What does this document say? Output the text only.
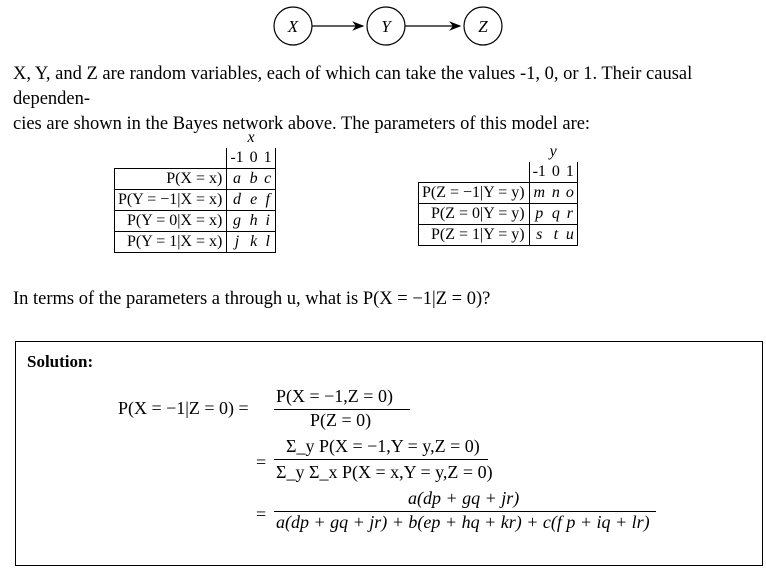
X	Y	Z
X, Y, and Z are random variables, each of which can take the values -1, 0, or 1. Their causal dependen-
cies are shown in the Bayes network above. The parameters of this model are:
	x		
	-1	0	1
P(X = x)	a	b	c
P(Y = −1|X = x)	d	e	f
P(Y = 0|X = x)	g	h	i
P(Y = 1|X = x)	j	k	l
	y		
	-1	0	1
P(Z = −1|Y = y)	m	n	o
P(Z = 0|Y = y)	p	q	r
P(Z = 1|Y = y)	s	t	u
In terms of the parameters a through u, what is P(X = −1|Z = 0)?
Solution:
P(X = −1|Z = 0) =
P(X = −1,Z = 0)
P(Z = 0)
=
Σ_y P(X = −1,Y = y,Z = 0)
Σ_y Σ_x P(X = x,Y = y,Z = 0)
=
a(dp + gq + jr)
a(dp + gq + jr) + b(ep + hq + kr) + c(f p + iq + lr)
